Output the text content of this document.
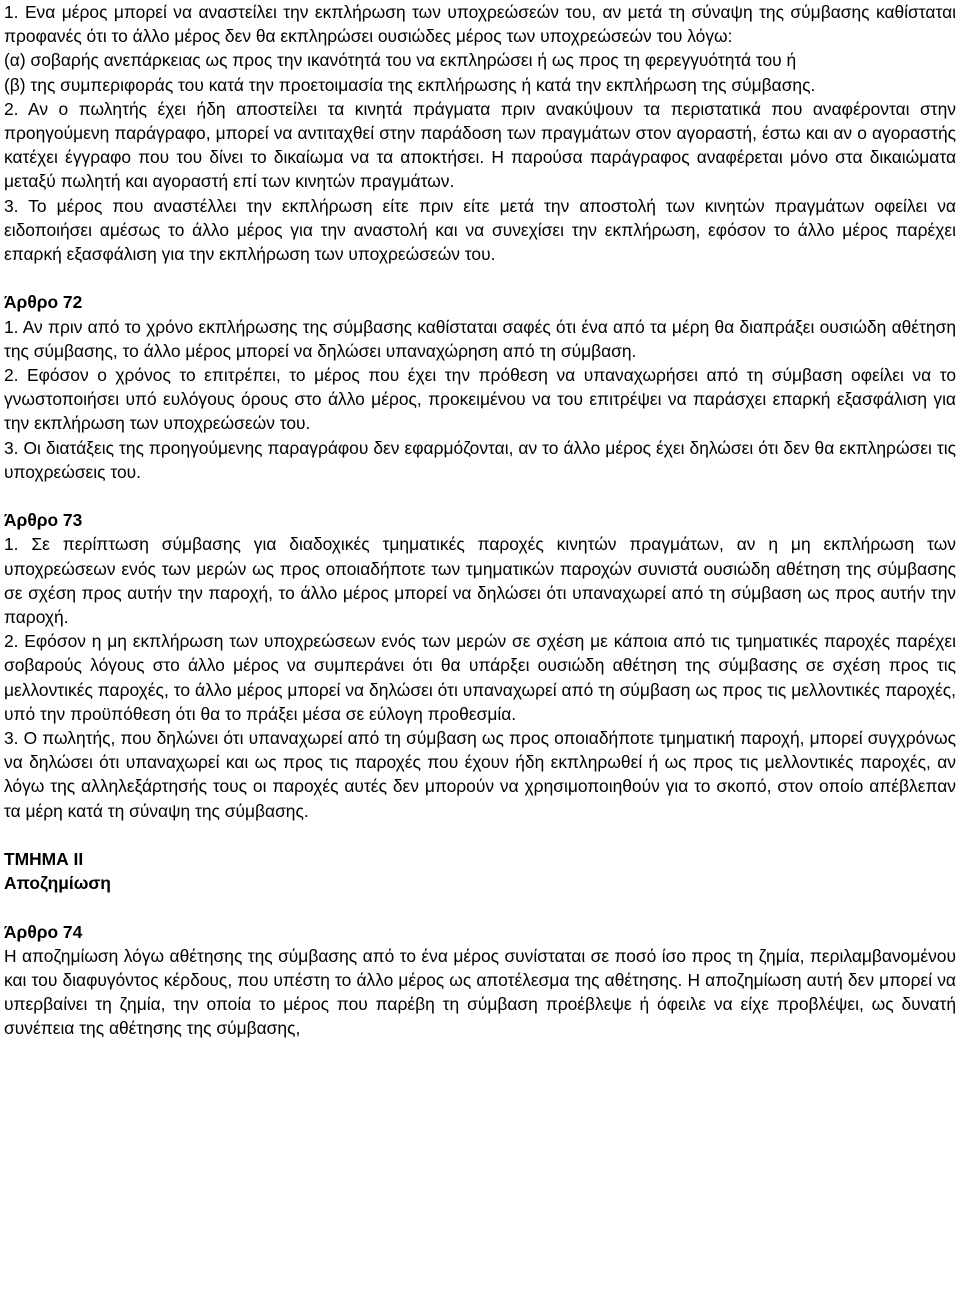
1. Ενα μέρος μπορεί να αναστείλει την εκπλήρωση των υποχρεώσεών του, αν μετά τη σύναψη της σύμβασης καθίσταται προφανές ότι το άλλο μέρος δεν θα εκπληρώσει ουσιώδες μέρος των υποχρεώσεών του λόγω:

(α) σοβαρής ανεπάρκειας ως προς την ικανότητά του να εκπληρώσει ή ως προς τη φερεγγυότητά του ή

(β) της συμπεριφοράς του κατά την προετοιμασία της εκπλήρωσης ή κατά την εκπλήρωση της σύμβασης.

2. Αν ο πωλητής έχει ήδη αποστείλει τα κινητά πράγματα πριν ανακύψουν τα περιστατικά που αναφέρονται στην προηγούμενη παράγραφο, μπορεί να αντιταχθεί στην παράδοση των πραγμάτων στον αγοραστή, έστω και αν ο αγοραστής κατέχει έγγραφο που του δίνει το δικαίωμα να τα αποκτήσει. Η παρούσα παράγραφος αναφέρεται μόνο στα δικαιώματα μεταξύ πωλητή και αγοραστή επί των κινητών πραγμάτων.

3. Το μέρος που αναστέλλει την εκπλήρωση είτε πριν είτε μετά την αποστολή των κινητών πραγμάτων οφείλει να ειδοποιήσει αμέσως το άλλο μέρος για την αναστολή και να συνεχίσει την εκπλήρωση, εφόσον το άλλο μέρος παρέχει επαρκή εξασφάλιση για την εκπλήρωση των υποχρεώσεών του.

Άρθρο 72

1. Αν πριν από το χρόνο εκπλήρωσης της σύμβασης καθίσταται σαφές ότι ένα από τα μέρη θα διαπράξει ουσιώδη αθέτηση της σύμβασης, το άλλο μέρος μπορεί να δηλώσει υπαναχώρηση από τη σύμβαση.

2. Εφόσον ο χρόνος το επιτρέπει, το μέρος που έχει την πρόθεση να υπαναχωρήσει από τη σύμβαση οφείλει να το γνωστοποιήσει υπό ευλόγους όρους στο άλλο μέρος, προκειμένου να του επιτρέψει να παράσχει επαρκή εξασφάλιση για την εκπλήρωση των υποχρεώσεών του.

3. Οι διατάξεις της προηγούμενης παραγράφου δεν εφαρμόζονται, αν το άλλο μέρος έχει δηλώσει ότι δεν θα εκπληρώσει τις υποχρεώσεις του.

Άρθρο 73

1. Σε περίπτωση σύμβασης για διαδοχικές τμηματικές παροχές κινητών πραγμάτων, αν η μη εκπλήρωση των υποχρεώσεων ενός των μερών ως προς οποιαδήποτε των τμηματικών παροχών συνιστά ουσιώδη αθέτηση της σύμβασης σε σχέση προς αυτήν την παροχή, το άλλο μέρος μπορεί να δηλώσει ότι υπαναχωρεί από τη σύμβαση ως προς αυτήν την παροχή.

2. Εφόσον η μη εκπλήρωση των υποχρεώσεων ενός των μερών σε σχέση με κάποια από τις τμηματικές παροχές παρέχει σοβαρούς λόγους στο άλλο μέρος να συμπεράνει ότι θα υπάρξει ουσιώδη αθέτηση της σύμβασης σε σχέση προς τις μελλοντικές παροχές, το άλλο μέρος μπορεί να δηλώσει ότι υπαναχωρεί από τη σύμβαση ως προς τις μελλοντικές παροχές, υπό την προϋπόθεση ότι θα το πράξει μέσα σε εύλογη προθεσμία.

3. Ο πωλητής, που δηλώνει ότι υπαναχωρεί από τη σύμβαση ως προς οποιαδήποτε τμηματική παροχή, μπορεί συγχρόνως να δηλώσει ότι υπαναχωρεί και ως προς τις παροχές που έχουν ήδη εκπληρωθεί ή ως προς τις μελλοντικές παροχές, αν λόγω της αλληλεξάρτησής τους οι παροχές αυτές δεν μπορούν να χρησιμοποιηθούν για το σκοπό, στον οποίο απέβλεπαν τα μέρη κατά τη σύναψη της σύμβασης.

ΤΜΗΜΑ ΙΙ

Αποζημίωση

Άρθρο 74

Η αποζημίωση λόγω αθέτησης της σύμβασης από το ένα μέρος συνίσταται σε ποσό ίσο προς τη ζημία, περιλαμβανομένου και του διαφυγόντος κέρδους, που υπέστη το άλλο μέρος ως αποτέλεσμα της αθέτησης. Η αποζημίωση αυτή δεν μπορεί να υπερβαίνει τη ζημία, την οποία το μέρος που παρέβη τη σύμβαση προέβλεψε ή όφειλε να είχε προβλέψει, ως δυνατή συνέπεια της αθέτησης της σύμβασης,
